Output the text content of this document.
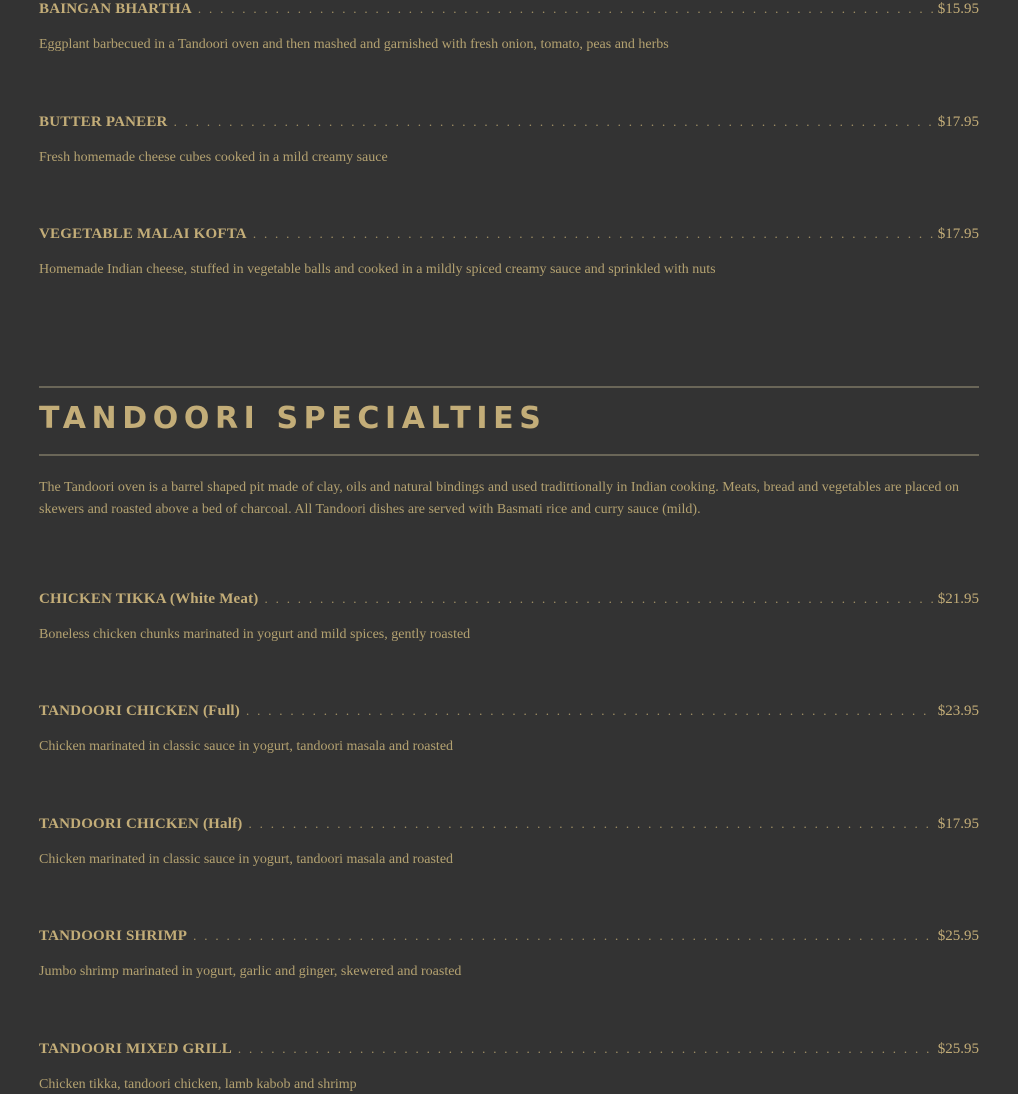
BAINGAN BHARTHA . . .	$15.95
Eggplant barbecued in a Tandoori oven and then mashed and garnished with fresh onion, tomato, peas and herbs
BUTTER PANEER . . .	$17.95
Fresh homemade cheese cubes cooked in a mild creamy sauce
VEGETABLE MALAI KOFTA . . .	$17.95
Homemade Indian cheese, stuffed in vegetable balls and cooked in a mildly spiced creamy sauce and sprinkled with nuts
TANDOORI SPECIALTIES

The Tandoori oven is a barrel shaped pit made of clay, oils and natural bindings and used tradittionally in Indian cooking. Meats, bread and vegetables are placed on skewers and roasted above a bed of charcoal. All Tandoori dishes are served with Basmati rice and curry sauce (mild).

CHICKEN TIKKA (White Meat) . . .	$21.95
Boneless chicken chunks marinated in yogurt and mild spices, gently roasted
TANDOORI CHICKEN (Full) . . .	$23.95
Chicken marinated in classic sauce in yogurt, tandoori masala and roasted
TANDOORI CHICKEN (Half) . . .	$17.95
Chicken marinated in classic sauce in yogurt, tandoori masala and roasted
TANDOORI SHRIMP . . .	$25.95
Jumbo shrimp marinated in yogurt, garlic and ginger, skewered and roasted
TANDOORI MIXED GRILL . . .	$25.95
Chicken tikka, tandoori chicken, lamb kabob and shrimp
